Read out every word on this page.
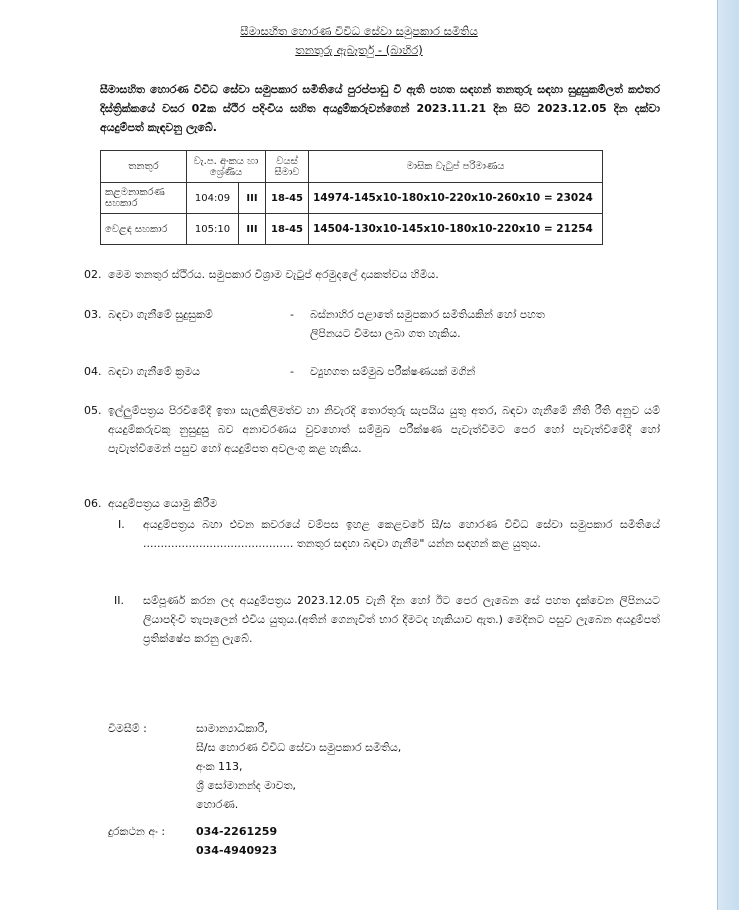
සීමාසහිත හොරණ විවිධ සේවා සමුපකාර සමිතිය
තනතුරු ඇබෑර්තු - (බාහිර)
සීමාසහිත හොරණ විවිධ සේවා සමුපකාර සමිතියේ පුරප්පාඩු වී ඇති පහත සඳහන් තනතුරු සඳහා සුදුසුකම්ලත් කළුතර දිස්ත්‍රික්කයේ වසර 02ක ස්ථිර පදිංචිය සහිත අයදුම්කරුවන්ගෙන් 2023.11.21 දින සිට 2023.12.05 දින දක්වා අයදුම්පත් කැඳවනු ලැබේ.
තනතුර	වැ.ප. අංකය හා ශ්‍රේණිය		වයස් සීමාව	මාසික වැටුප් පරිමාණය
කළමනාකරණ සහකාර	104:09	III	18-45	14974-145x10-180x10-220x10-260x10 = 23024
වෙළඳ සහකාර	105:10	III	18-45	14504-130x10-145x10-180x10-220x10 = 21254
02. මෙම තනතුර ස්ථිරය. සමුපකාර විශ්‍රාම වැටුප් අරමුදලේ දායකත්වය හිමිය.
03. බඳවා ගැනීමේ සුදුසුකම්	- බස්නාහිර පළාතේ සමුපකාර සමිතියකින් හෝ පහත
ලිපිනයට විමසා ලබා ගත හැකිය.
04. බඳවා ගැනීමේ ක්‍රමය	- ව්‍යුහගත සම්මුඛ පරීක්ෂණයක් මගින්
05. ඉල්ලුම්පත්‍රය පිරවීමේදී ඉතා සැලකිලිමත්ව හා නිවැරදි තොරතුරු සැපයිය යුතු අතර, බඳවා ගැනීමේ නීති රීති අනුව යම් අයදුම්කරුවකු නුසුදුසු බව අනාවරණය වුවහොත් සම්මුඛ පරීක්ෂණ පැවැත්වීමට පෙර හෝ පැවැත්වීමේදී හෝ පැවැත්වීමෙන් පසුව හෝ අයදුම්පත අවලංගු කළ හැකිය.
06. අයදුම්පත්‍රය යොමු කිරීම
I. අයදුම්පත්‍රය බහා එවන කවරයේ වම්පස ඉහළ කෙළවරේ සී/ස හොරණ විවිධ සේවා සමුපකාර සමිතියේ ........................................... තනතුර සඳහා බඳවා ගැනීම" යන්න සඳහන් කළ යුතුය.
II. සම්පූර්ණ කරන ලද අයදුම්පත්‍රය 2023.12.05 වැනි දින හෝ ඊට පෙර ලැබෙන සේ පහත දැක්වෙන ලිපිනයට ලියාපදිංචි තැපෑලෙන් එවිය යුතුය.(අතින් ගෙනැවිත් භාර දීමටද හැකියාව ඇත.) මෙදිනට පසුව ලැබෙන අයදුම්පත් ප්‍රතික්ෂේප කරනු ලැබේ.
විමසීම් :	සාමාන්‍යාධිකාරී,
සී/ස හොරණ විවිධ සේවා සමුපකාර සමිතිය,
අංක 113,
ශ්‍රී සෝමානන්ද මාවත,
හොරණ.
දුරකථන අං :	034-2261259
034-4940923
